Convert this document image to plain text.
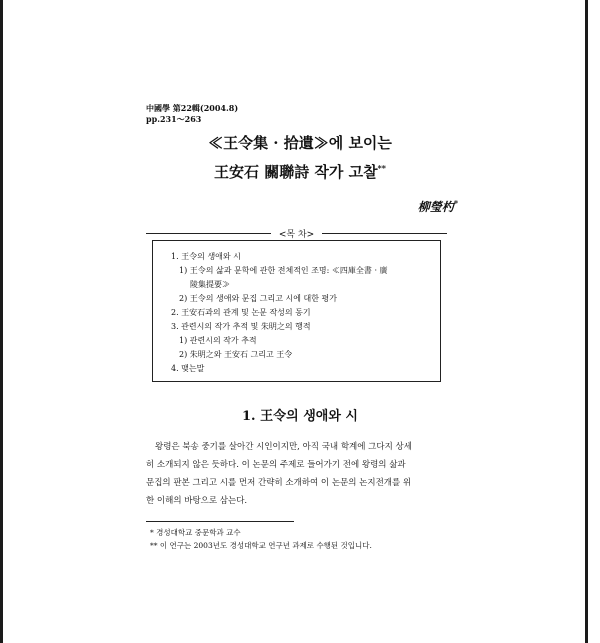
中國學 第22輯(2004.8)
pp.231～263
≪王令集 · 拾遺≫에 보이는
王安石 關聯詩 작가 고찰**
柳瑩杓*
<목 차>
1. 王令의 생애와 시
1) 王令의 삶과 문학에 관한 전체적인 조명: ≪四庫全書 · 廣
陵集提要≫
2) 王令의 생애와 문집 그리고 시에 대한 평가
2. 王安石과의 관계 및 논문 작성의 동기
3. 관련시의 작가 추적 및 朱明之의 행적
1) 관련시의 작가 추적
2) 朱明之와 王安石 그리고 王令
4. 맺는말
1. 王令의 생애와 시
왕령은 북송 중기를 살아간 시인이지만, 아직 국내 학계에 그다지 상세
히 소개되지 않은 듯하다. 이 논문의 주제로 들어가기 전에 왕령의 삶과
문집의 판본 그리고 시를 먼저 간략히 소개하여 이 논문의 논지전개를 위
한 이해의 바탕으로 삼는다.
* 경성대학교 중문학과 교수
** 이 연구는 2003년도 경성대학교 연구년 과제로 수행된 것입니다.
